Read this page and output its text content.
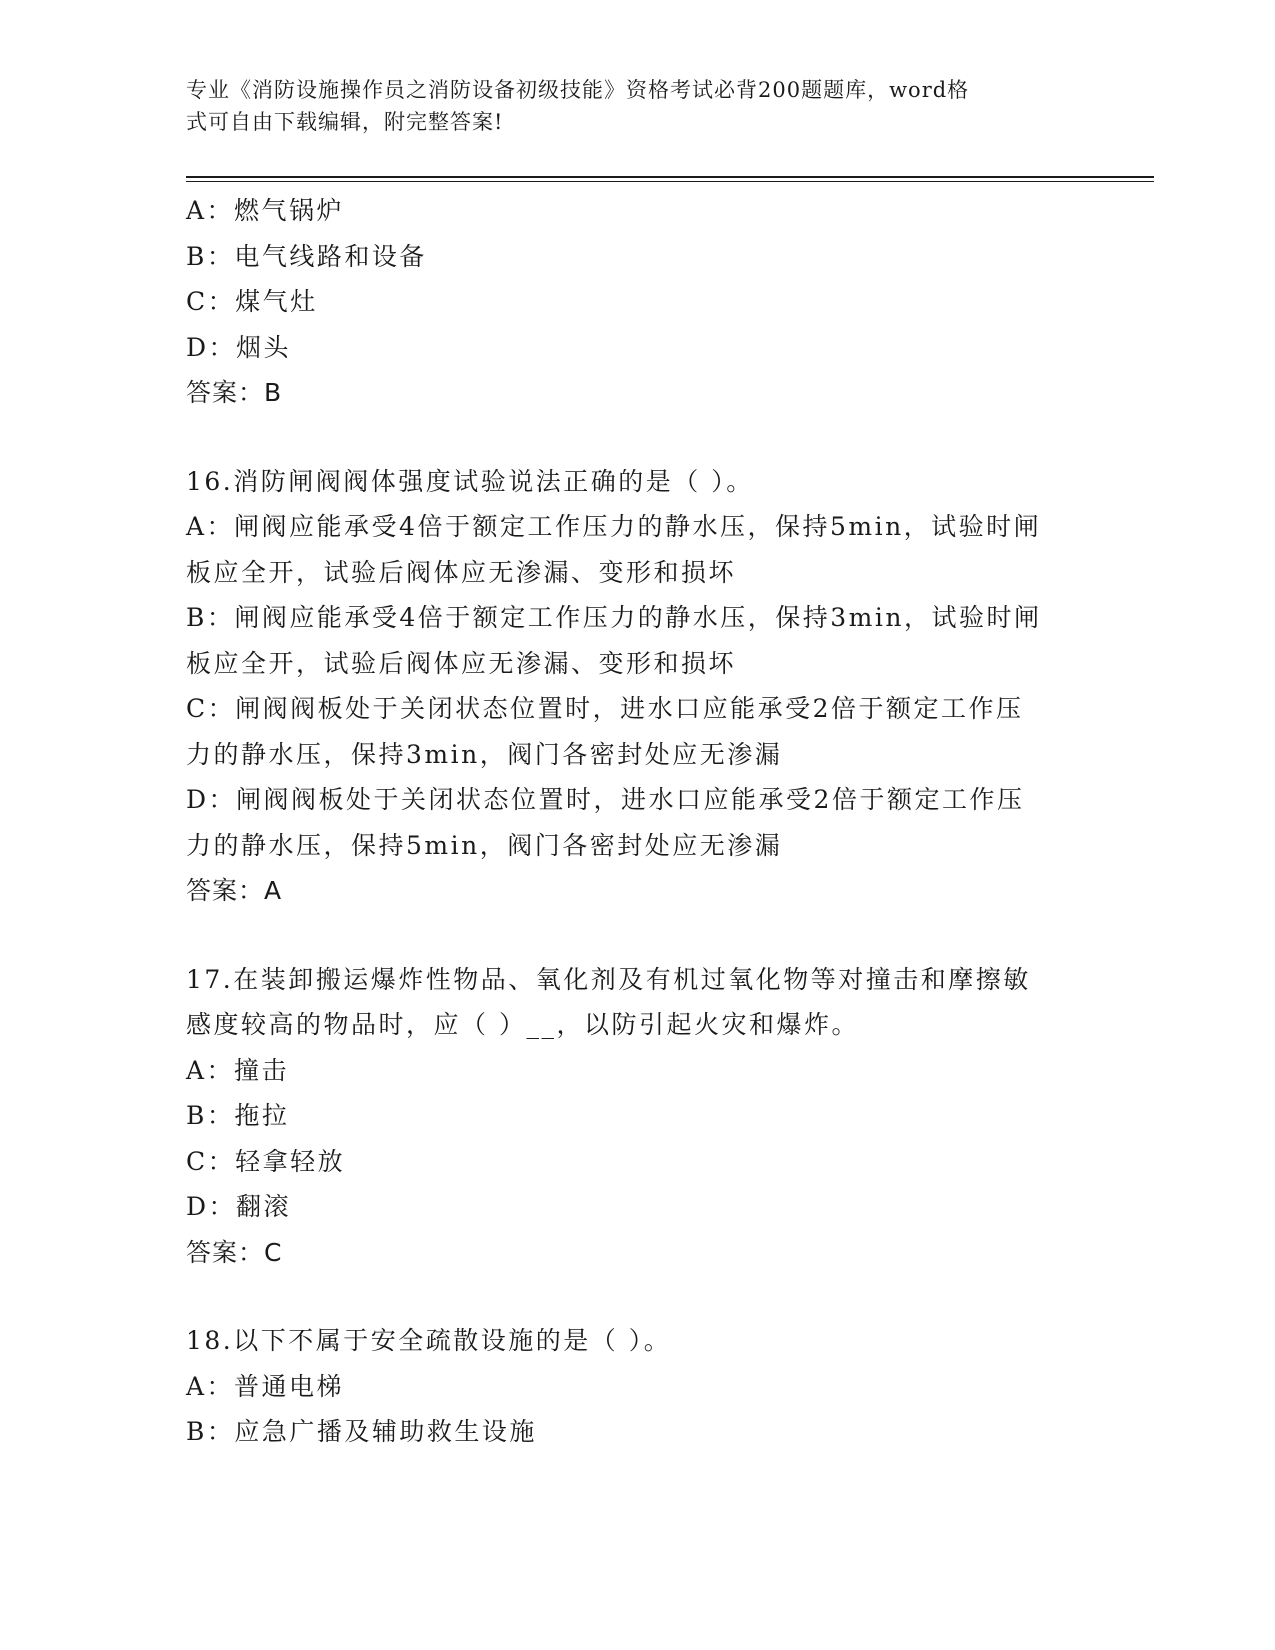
专业《消防设施操作员之消防设备初级技能》资格考试必背200题题库，word格
式可自由下载编辑，附完整答案!
A：燃气锅炉
B：电气线路和设备
C：煤气灶
D：烟头
答案：B
16.消防闸阀阀体强度试验说法正确的是（ ）。
A：闸阀应能承受4倍于额定工作压力的静水压，保持5min，试验时闸
板应全开，试验后阀体应无渗漏、变形和损坏
B：闸阀应能承受4倍于额定工作压力的静水压，保持3min，试验时闸
板应全开，试验后阀体应无渗漏、变形和损坏
C：闸阀阀板处于关闭状态位置时，进水口应能承受2倍于额定工作压
力的静水压，保持3min，阀门各密封处应无渗漏
D：闸阀阀板处于关闭状态位置时，进水口应能承受2倍于额定工作压
力的静水压，保持5min，阀门各密封处应无渗漏
答案：A
17.在装卸搬运爆炸性物品、氧化剂及有机过氧化物等对撞击和摩擦敏
感度较高的物品时，应（ ）__，以防引起火灾和爆炸。
A：撞击
B：拖拉
C：轻拿轻放
D：翻滚
答案：C
18.以下不属于安全疏散设施的是（ ）。
A：普通电梯
B：应急广播及辅助救生设施
